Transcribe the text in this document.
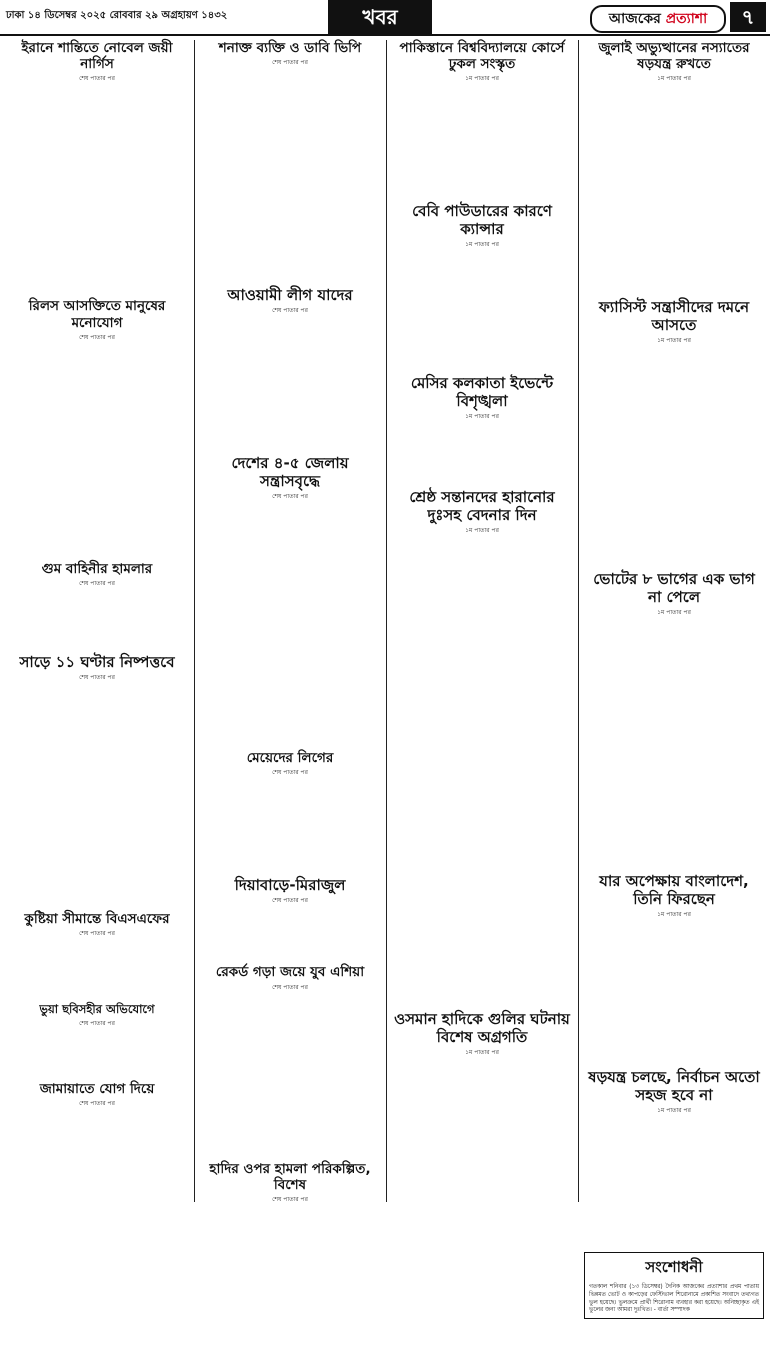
ঢাকা ১৪ ডিসেম্বর ২০২৫ রোববার ২৯ অগ্রহায়ণ ১৪৩২	খবর	আজকের প্রত্যাশা	৭
ইরানে শান্তিতে নোবেল জয়ী নার্গিস
শেষ পাতার পর
রিলস আসক্তিতে মানুষের মনোযোগ
শেষ পাতার পর
গুম বাহিনীর হামলার
শেষ পাতার পর
সাড়ে ১১ ঘণ্টার নিষ্পত্তবে
শেষ পাতার পর
কুষ্টিয়া সীমান্তে বিএসএফের
শেষ পাতার পর
ভুয়া ছবিসহীর অভিযোগে
শেষ পাতার পর
জামায়াতে যোগ দিয়ে
শেষ পাতার পর
শনাক্ত ব্যক্তি ও ডাবি ভিপি
শেষ পাতার পর
আওয়ামী লীগ যাদের
শেষ পাতার পর
দেশের ৪-৫ জেলায় সন্ত্রাসবৃদ্ধে
শেষ পাতার পর
মেয়েদের লিগের
শেষ পাতার পর
দিয়াবাড়ে-মিরাজুল
শেষ পাতার পর
রেকর্ড গড়া জয়ে যুব এশিয়া
শেষ পাতার পর
হাদির ওপর হামলা পরিকল্পিত, বিশেষ
শেষ পাতার পর
পাকিস্তানে বিশ্ববিদ্যালয়ে কোর্সে ঢুকল সংস্কৃত
১ম পাতার পর
বেবি পাউডারের কারণে ক্যান্সার
১ম পাতার পর
মেসির কলকাতা ইভেন্টে বিশৃঙ্খলা
১ম পাতার পর
শ্রেষ্ঠ সন্তানদের হারানোর দুঃসহ বেদনার দিন
১ম পাতার পর
ওসমান হাদিকে গুলির ঘটনায় বিশেষ অগ্রগতি
১ম পাতার পর
জুলাই অভ্যুত্থানের নস্যাতের ষড়যন্ত্র রুখতে
১ম পাতার পর
ফ্যাসিস্ট সন্ত্রাসীদের দমনে আসতে
১ম পাতার পর
ভোটের ৮ ভাগের এক ভাগ না পেলে
১ম পাতার পর
যার অপেক্ষায় বাংলাদেশ, তিনি ফিরছেন
১ম পাতার পর
ষড়যন্ত্র চলছে, নির্বাচন অতো সহজ হবে না
১ম পাতার পর
সংশোধনী
গতকাল শনিবার (১৩ ডিসেম্বর) দৈনিক আজকের প্রত্যাশার প্রথম পাতায় ভিন্নমত ভোট ও কাপড়ের ফেস্টিভাল শিরোনামে প্রকাশিত সংবাদে তথ্যগত ভুল হয়েছে। ভুলক্রমে প্রার্থী শিরোনাম ব্যবহার করা হয়েছে। অনিচ্ছাকৃত এই ভুলের জন্য আমরা দুঃখিত। - বার্তা সম্পাদক
